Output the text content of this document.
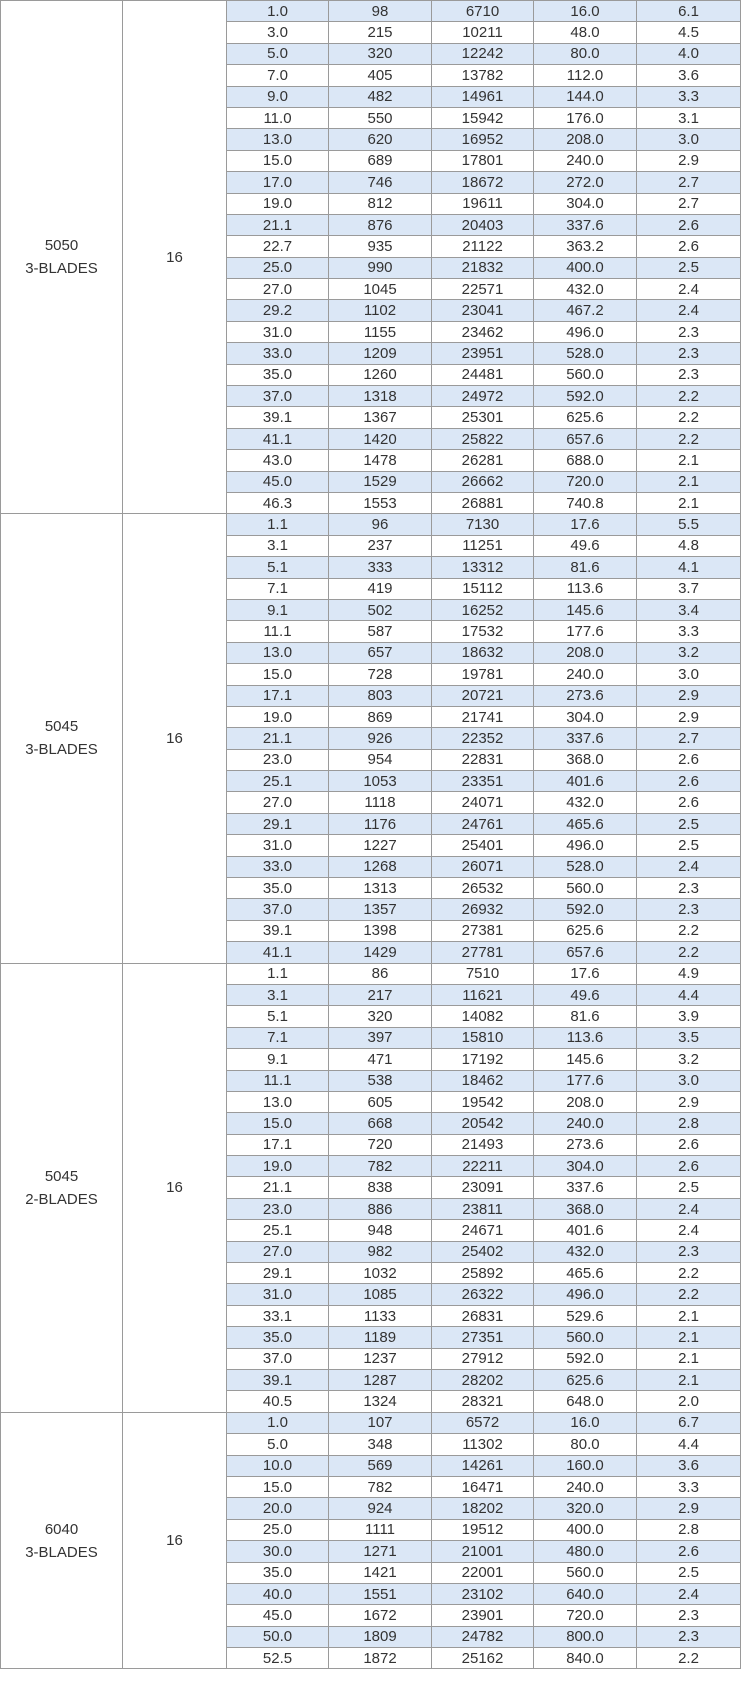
5050
3-BLADES	16	1.0	98	6710	16.0	6.1
		3.0	215	10211	48.0	4.5
		5.0	320	12242	80.0	4.0
		7.0	405	13782	112.0	3.6
		9.0	482	14961	144.0	3.3
		11.0	550	15942	176.0	3.1
		13.0	620	16952	208.0	3.0
		15.0	689	17801	240.0	2.9
		17.0	746	18672	272.0	2.7
		19.0	812	19611	304.0	2.7
		21.1	876	20403	337.6	2.6
		22.7	935	21122	363.2	2.6
		25.0	990	21832	400.0	2.5
		27.0	1045	22571	432.0	2.4
		29.2	1102	23041	467.2	2.4
		31.0	1155	23462	496.0	2.3
		33.0	1209	23951	528.0	2.3
		35.0	1260	24481	560.0	2.3
		37.0	1318	24972	592.0	2.2
		39.1	1367	25301	625.6	2.2
		41.1	1420	25822	657.6	2.2
		43.0	1478	26281	688.0	2.1
		45.0	1529	26662	720.0	2.1
		46.3	1553	26881	740.8	2.1

5045
3-BLADES	16	1.1	96	7130	17.6	5.5
		3.1	237	11251	49.6	4.8
		5.1	333	13312	81.6	4.1
		7.1	419	15112	113.6	3.7
		9.1	502	16252	145.6	3.4
		11.1	587	17532	177.6	3.3
		13.0	657	18632	208.0	3.2
		15.0	728	19781	240.0	3.0
		17.1	803	20721	273.6	2.9
		19.0	869	21741	304.0	2.9
		21.1	926	22352	337.6	2.7
		23.0	954	22831	368.0	2.6
		25.1	1053	23351	401.6	2.6
		27.0	1118	24071	432.0	2.6
		29.1	1176	24761	465.6	2.5
		31.0	1227	25401	496.0	2.5
		33.0	1268	26071	528.0	2.4
		35.0	1313	26532	560.0	2.3
		37.0	1357	26932	592.0	2.3
		39.1	1398	27381	625.6	2.2
		41.1	1429	27781	657.6	2.2

5045
2-BLADES	16	1.1	86	7510	17.6	4.9
		3.1	217	11621	49.6	4.4
		5.1	320	14082	81.6	3.9
		7.1	397	15810	113.6	3.5
		9.1	471	17192	145.6	3.2
		11.1	538	18462	177.6	3.0
		13.0	605	19542	208.0	2.9
		15.0	668	20542	240.0	2.8
		17.1	720	21493	273.6	2.6
		19.0	782	22211	304.0	2.6
		21.1	838	23091	337.6	2.5
		23.0	886	23811	368.0	2.4
		25.1	948	24671	401.6	2.4
		27.0	982	25402	432.0	2.3
		29.1	1032	25892	465.6	2.2
		31.0	1085	26322	496.0	2.2
		33.1	1133	26831	529.6	2.1
		35.0	1189	27351	560.0	2.1
		37.0	1237	27912	592.0	2.1
		39.1	1287	28202	625.6	2.1
		40.5	1324	28321	648.0	2.0

6040
3-BLADES	16	1.0	107	6572	16.0	6.7
		5.0	348	11302	80.0	4.4
		10.0	569	14261	160.0	3.6
		15.0	782	16471	240.0	3.3
		20.0	924	18202	320.0	2.9
		25.0	1111	19512	400.0	2.8
		30.0	1271	21001	480.0	2.6
		35.0	1421	22001	560.0	2.5
		40.0	1551	23102	640.0	2.4
		45.0	1672	23901	720.0	2.3
		50.0	1809	24782	800.0	2.3
		52.5	1872	25162	840.0	2.2
